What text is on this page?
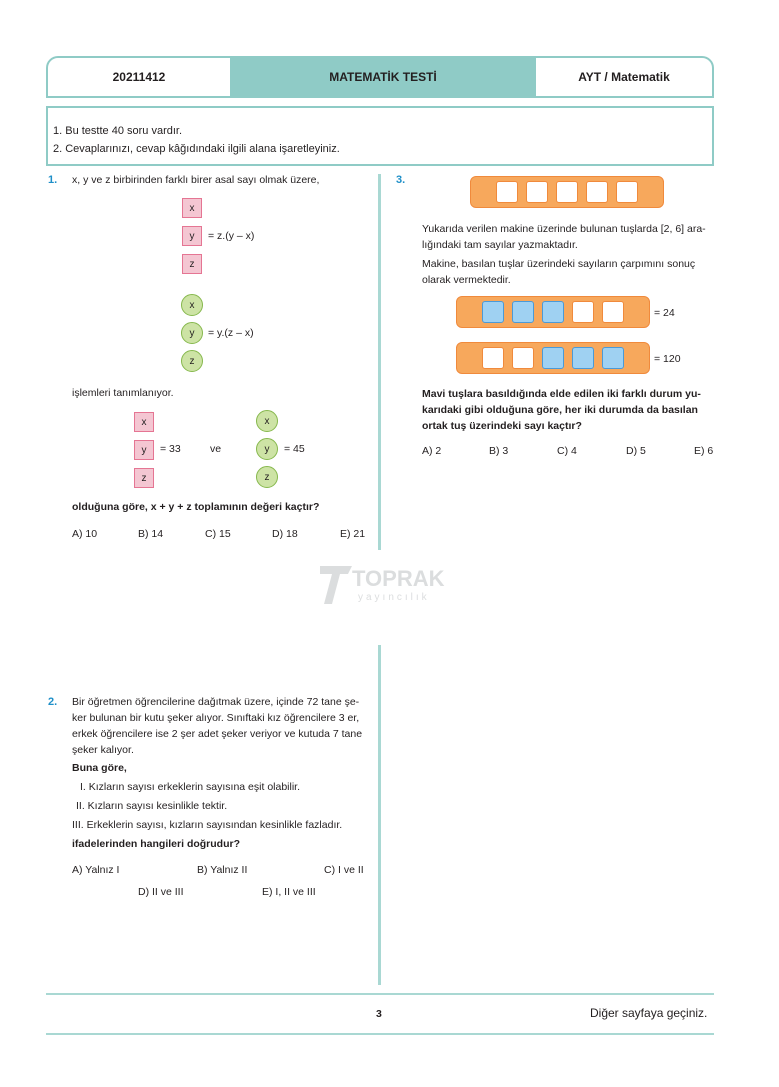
20211412	MATEMATİK TESTİ	AYT / Matematik
1. Bu testte 40 soru vardır.
2. Cevaplarınızı, cevap kâğıdındaki ilgili alana işaretleyiniz.
1. x, y ve z birbirinden farklı birer asal sayı olmak üzere,
x
y
z
= z.(y – x)
x
y
z
= y.(z – x)
işlemleri tanımlanıyor.
x
y
z
= 33	ve
x
y
z
= 45
olduğuna göre, x + y + z toplamının değeri kaçtır?
A) 10	B) 14	C) 15	D) 18	E) 21
TOPRAK
yayıncılık
2. Bir öğretmen öğrencilerine dağıtmak üzere, içinde 72 tane şe-
ker bulunan bir kutu şeker alıyor. Sınıftaki kız öğrencilere 3 er,
erkek öğrencilere ise 2 şer adet şeker veriyor ve kutuda 7 tane
şeker kalıyor.
Buna göre,
I. Kızların sayısı erkeklerin sayısına eşit olabilir.
II. Kızların sayısı kesinlikle tektir.
III. Erkeklerin sayısı, kızların sayısından kesinlikle fazladır.
ifadelerinden hangileri doğrudur?
A) Yalnız I	B) Yalnız II	C) I ve II
D) II ve III	E) I, II ve III
3.
Yukarıda verilen makine üzerinde bulunan tuşlarda [2, 6] ara-
lığındaki tam sayılar yazmaktadır.
Makine, basılan tuşlar üzerindeki sayıların çarpımını sonuç
olarak vermektedir.
= 24
= 120
Mavi tuşlara basıldığında elde edilen iki farklı durum yu-
karıdaki gibi olduğuna göre, her iki durumda da basılan
ortak tuş üzerindeki sayı kaçtır?
A) 2	B) 3	C) 4	D) 5	E) 6
3	Diğer sayfaya geçiniz.
